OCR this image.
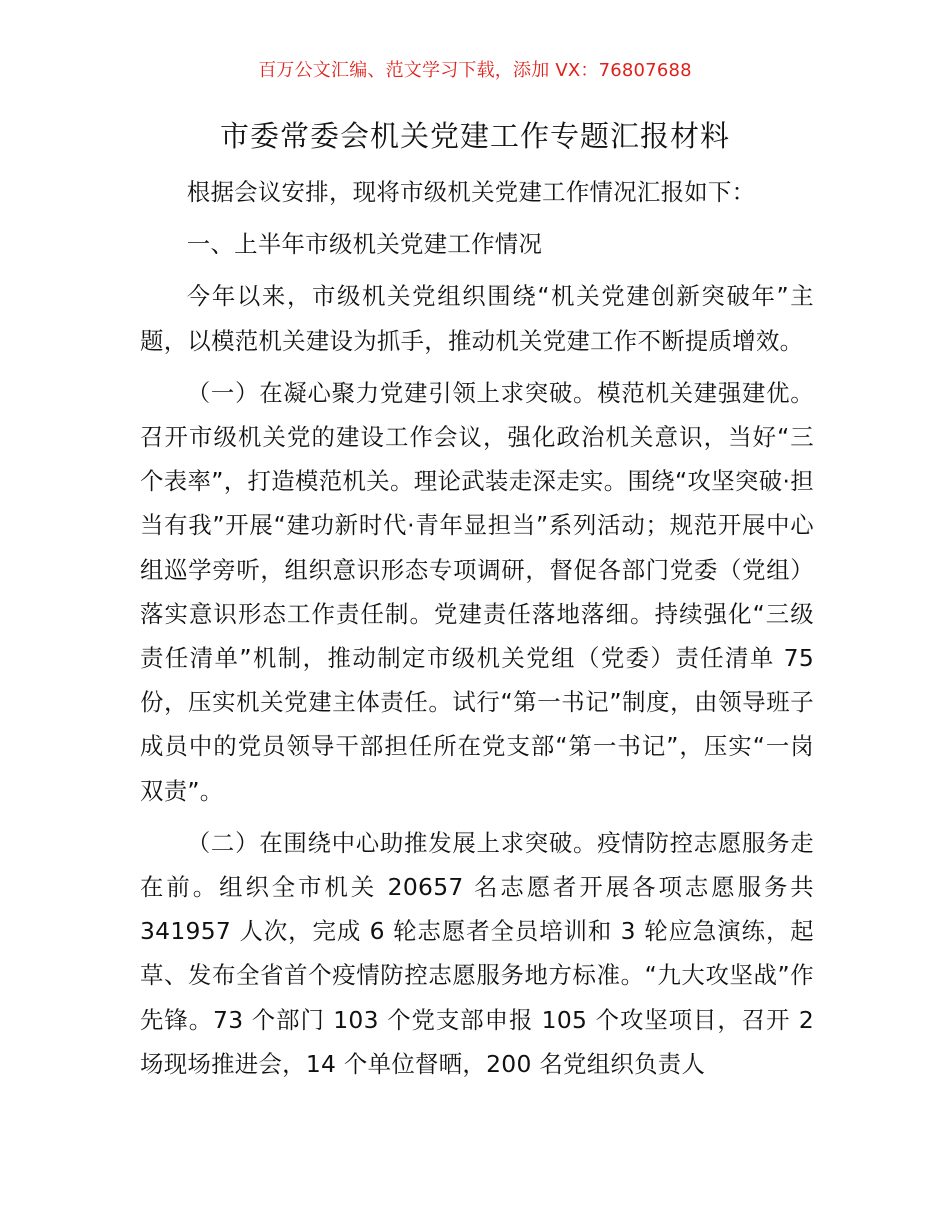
百万公文汇编、范文学习下载，添加 VX：76807688
市委常委会机关党建工作专题汇报材料

根据会议安排，现将市级机关党建工作情况汇报如下：

一、上半年市级机关党建工作情况

今年以来，市级机关党组织围绕“机关党建创新突破年”主题，以模范机关建设为抓手，推动机关党建工作不断提质增效。

（一）在凝心聚力党建引领上求突破。模范机关建强建优。召开市级机关党的建设工作会议，强化政治机关意识，当好“三个表率”，打造模范机关。理论武装走深走实。围绕“攻坚突破·担当有我”开展“建功新时代·青年显担当”系列活动；规范开展中心组巡学旁听，组织意识形态专项调研，督促各部门党委（党组）落实意识形态工作责任制。党建责任落地落细。持续强化“三级责任清单”机制，推动制定市级机关党组（党委）责任清单 75 份，压实机关党建主体责任。试行“第一书记”制度，由领导班子成员中的党员领导干部担任所在党支部“第一书记”，压实“一岗双责”。

（二）在围绕中心助推发展上求突破。疫情防控志愿服务走在前。组织全市机关 20657 名志愿者开展各项志愿服务共 341957 人次，完成 6 轮志愿者全员培训和 3 轮应急演练，起草、发布全省首个疫情防控志愿服务地方标准。“九大攻坚战”作先锋。73 个部门 103 个党支部申报 105 个攻坚项目，召开 2 场现场推进会，14 个单位督晒，200 名党组织负责人
